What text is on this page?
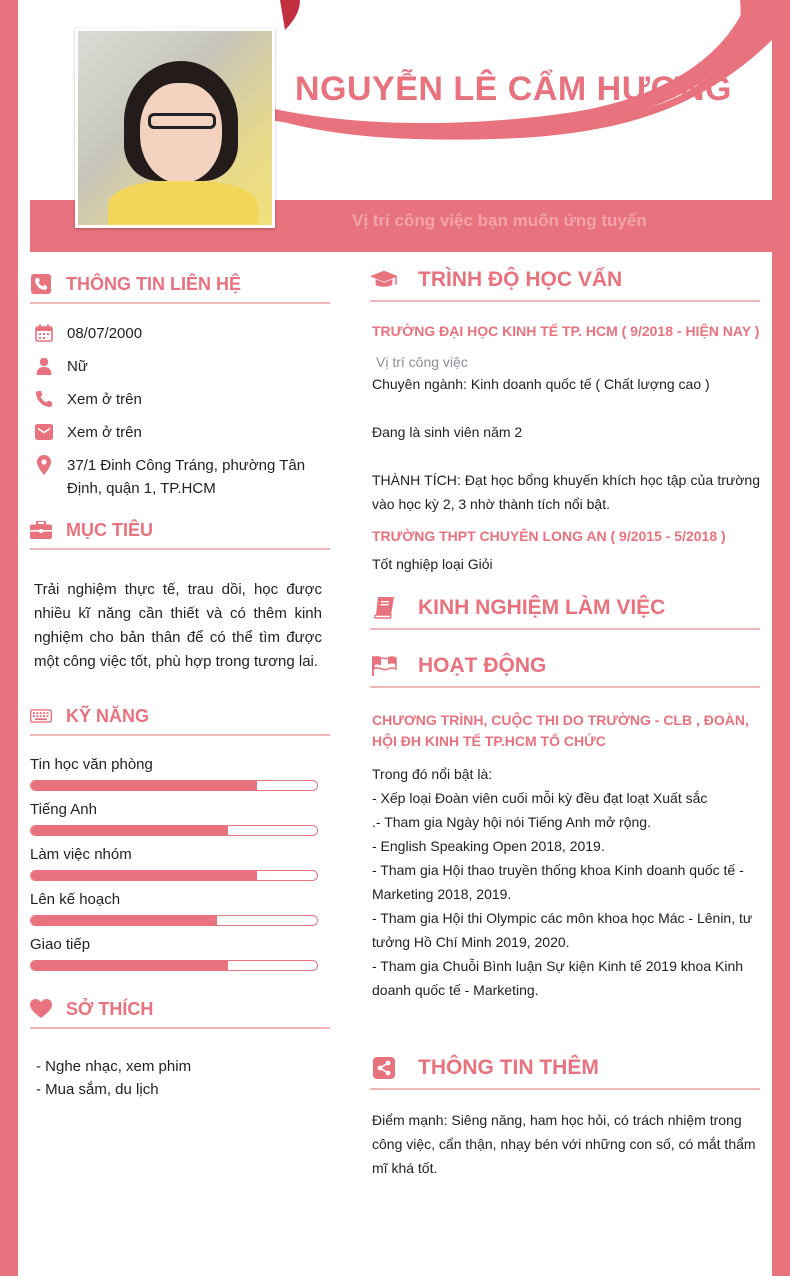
NGUYỄN LÊ CẨM HƯƠNG
Vị trí công việc bạn muốn ứng tuyển
THÔNG TIN LIÊN HỆ
08/07/2000
Nữ
Xem ở trên
Xem ở trên
37/1 Đinh Công Tráng, phường Tân Định, quận 1, TP.HCM
MỤC TIÊU
Trải nghiệm thực tế, trau dồi, học được nhiều kĩ năng cần thiết và có thêm kinh nghiệm cho bản thân để có thể tìm được một công việc tốt, phù hợp trong tương lai.
KỸ NĂNG
Tin học văn phòng
Tiếng Anh
Làm việc nhóm
Lên kế hoạch
Giao tiếp
SỞ THÍCH
- Nghe nhạc, xem phim
- Mua sắm, du lịch
TRÌNH ĐỘ HỌC VẤN
TRƯỜNG ĐẠI HỌC KINH TẾ TP. HCM ( 9/2018 - HIỆN NAY )
Vị trí công việc
Chuyên ngành: Kinh doanh quốc tế ( Chất lượng cao )
Đang là sinh viên năm 2
THÀNH TÍCH: Đạt học bổng khuyến khích học tập của trường vào học kỳ 2, 3 nhờ thành tích nổi bật.
TRƯỜNG THPT CHUYÊN LONG AN ( 9/2015 - 5/2018 )
Tốt nghiệp loại Giỏi
KINH NGHIỆM LÀM VIỆC
HOẠT ĐỘNG
CHƯƠNG TRÌNH, CUỘC THI DO TRƯỜNG - CLB , ĐOÀN, HỘI ĐH KINH TẾ TP.HCM TỔ CHỨC
Trong đó nổi bật là:
- Xếp loại Đoàn viên cuối mỗi kỳ đều đạt loạt Xuất sắc
.- Tham gia Ngày hội nói Tiếng Anh mở rộng.
- English Speaking Open 2018, 2019.
- Tham gia Hội thao truyền thống khoa Kinh doanh quốc tế - Marketing 2018, 2019.
- Tham gia Hội thi Olympic các môn khoa học Mác - Lênin, tư tưởng Hồ Chí Minh 2019, 2020.
- Tham gia Chuỗi Bình luận Sự kiện Kinh tế 2019 khoa Kinh doanh quốc tế - Marketing.
THÔNG TIN THÊM
Điểm mạnh: Siêng năng, ham học hỏi, có trách nhiệm trong công việc, cẩn thận, nhạy bén với những con số, có mắt thẩm mĩ khá tốt.
